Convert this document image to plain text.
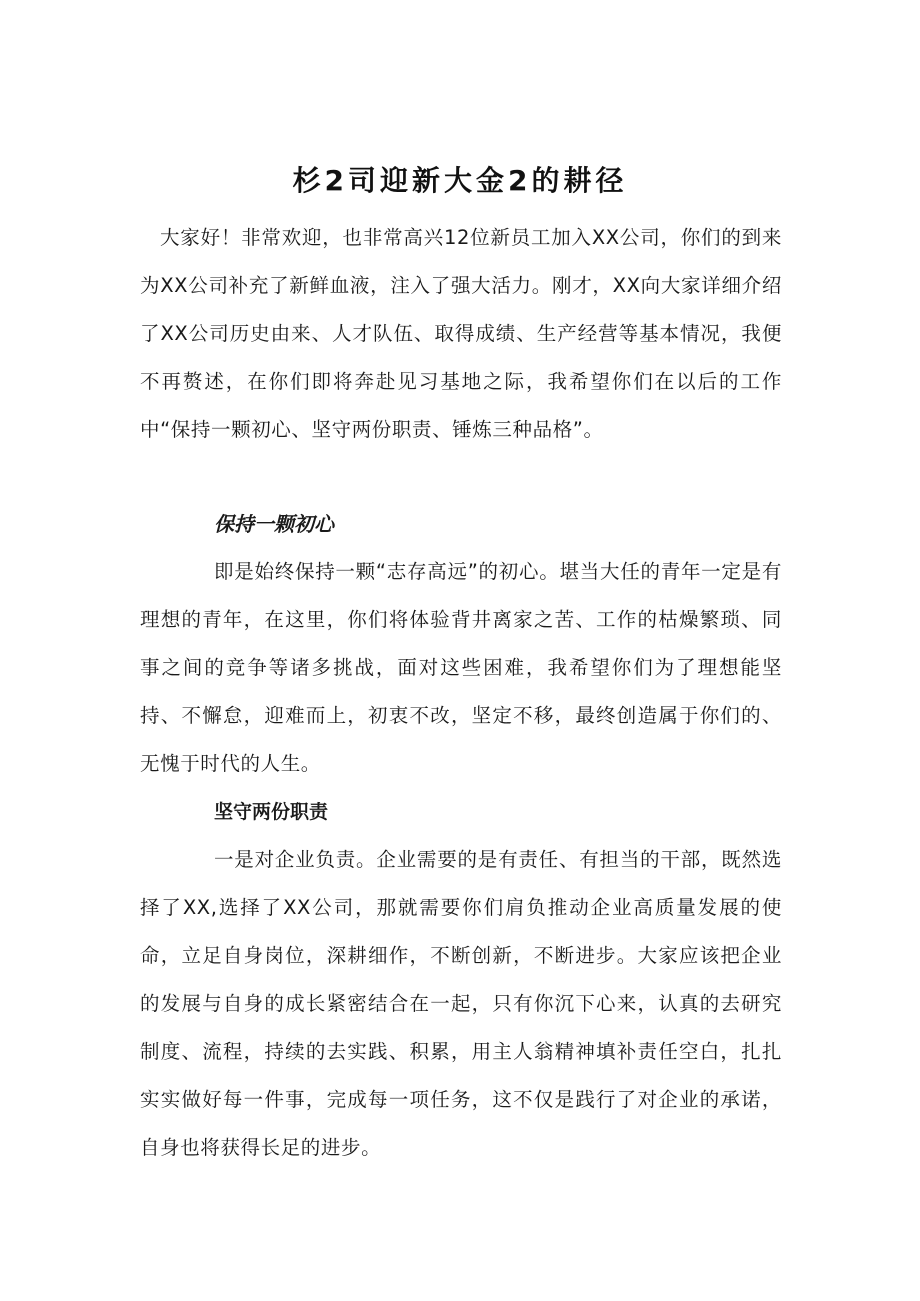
杉2司迎新大金2的耕径

大家好！非常欢迎，也非常高兴12位新员工加入XX公司，你们的到来为XX公司补充了新鲜血液，注入了强大活力。刚才，XX向大家详细介绍了XX公司历史由来、人才队伍、取得成绩、生产经营等基本情况，我便不再赘述，在你们即将奔赴见习基地之际，我希望你们在以后的工作中“保持一颗初心、坚守两份职责、锤炼三种品格”。

保持一颗初心

即是始终保持一颗“志存高远”的初心。堪当大任的青年一定是有理想的青年，在这里，你们将体验背井离家之苦、工作的枯燥繁琐、同事之间的竞争等诸多挑战，面对这些困难，我希望你们为了理想能坚持、不懈怠，迎难而上，初衷不改，坚定不移，最终创造属于你们的、无愧于时代的人生。

坚守两份职责

一是对企业负责。企业需要的是有责任、有担当的干部，既然选择了XX,选择了XX公司，那就需要你们肩负推动企业高质量发展的使命，立足自身岗位，深耕细作，不断创新，不断进步。大家应该把企业的发展与自身的成长紧密结合在一起，只有你沉下心来，认真的去研究制度、流程，持续的去实践、积累，用主人翁精神填补责任空白，扎扎实实做好每一件事，完成每一项任务，这不仅是践行了对企业的承诺，自身也将获得长足的进步。
